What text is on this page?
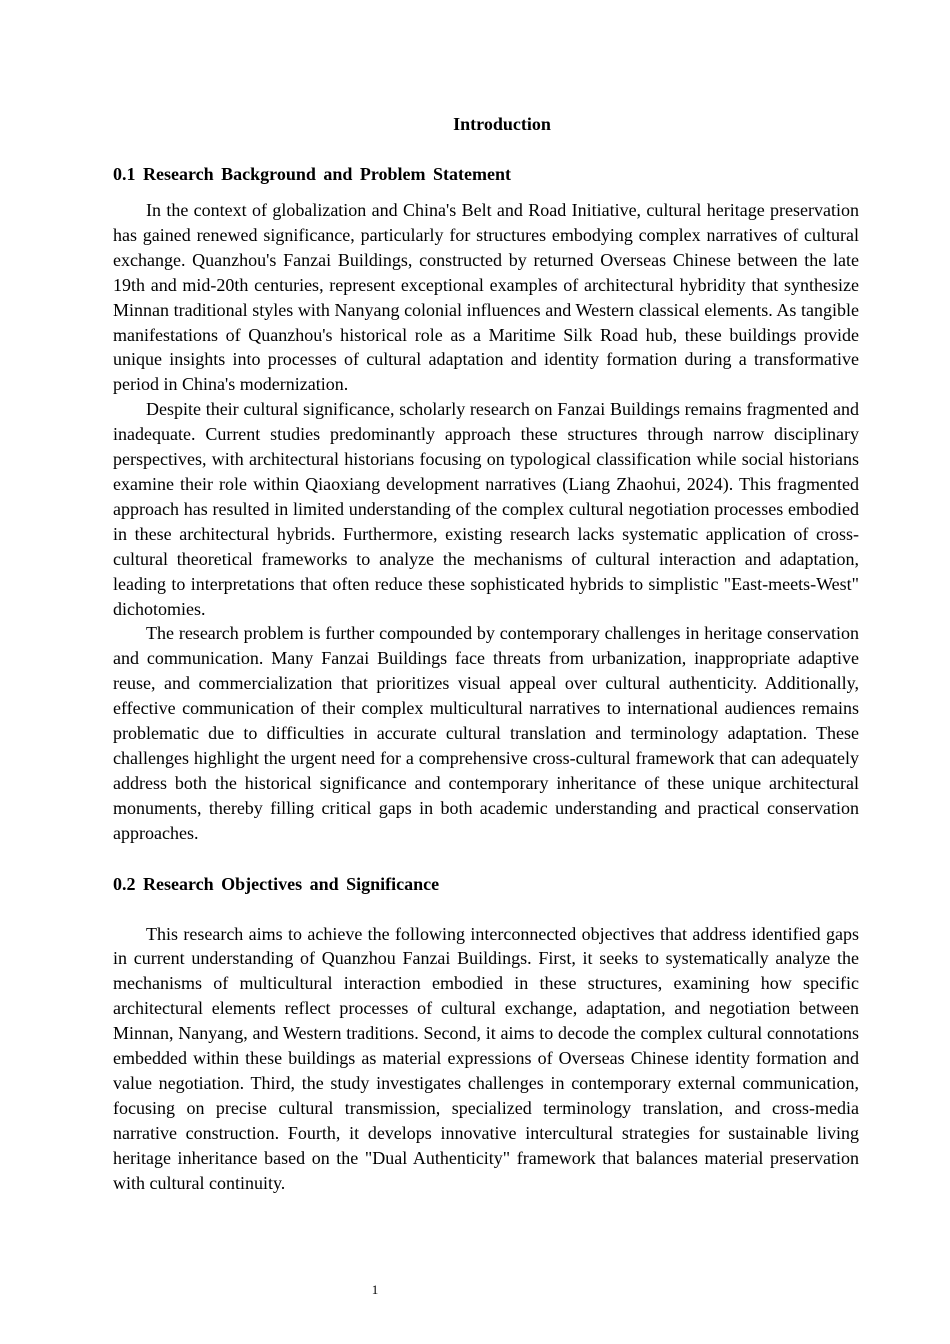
Introduction
0.1 Research Background and Problem Statement

In the context of globalization and China's Belt and Road Initiative, cultural heritage preservation has gained renewed significance, particularly for structures embodying complex narratives of cultural exchange. Quanzhou's Fanzai Buildings, constructed by returned Overseas Chinese between the late 19th and mid-20th centuries, represent exceptional examples of architectural hybridity that synthesize Minnan traditional styles with Nanyang colonial influences and Western classical elements. As tangible manifestations of Quanzhou's historical role as a Maritime Silk Road hub, these buildings provide unique insights into processes of cultural adaptation and identity formation during a transformative period in China's modernization.

Despite their cultural significance, scholarly research on Fanzai Buildings remains fragmented and inadequate. Current studies predominantly approach these structures through narrow disciplinary perspectives, with architectural historians focusing on typological classification while social historians examine their role within Qiaoxiang development narratives (Liang Zhaohui, 2024). This fragmented approach has resulted in limited understanding of the complex cultural negotiation processes embodied in these architectural hybrids. Furthermore, existing research lacks systematic application of cross-cultural theoretical frameworks to analyze the mechanisms of cultural interaction and adaptation, leading to interpretations that often reduce these sophisticated hybrids to simplistic "East-meets-West" dichotomies.

The research problem is further compounded by contemporary challenges in heritage conservation and communication. Many Fanzai Buildings face threats from urbanization, inappropriate adaptive reuse, and commercialization that prioritizes visual appeal over cultural authenticity. Additionally, effective communication of their complex multicultural narratives to international audiences remains problematic due to difficulties in accurate cultural translation and terminology adaptation. These challenges highlight the urgent need for a comprehensive cross-cultural framework that can adequately address both the historical significance and contemporary inheritance of these unique architectural monuments, thereby filling critical gaps in both academic understanding and practical conservation approaches.

0.2 Research Objectives and Significance

This research aims to achieve the following interconnected objectives that address identified gaps in current understanding of Quanzhou Fanzai Buildings. First, it seeks to systematically analyze the mechanisms of multicultural interaction embodied in these structures, examining how specific architectural elements reflect processes of cultural exchange, adaptation, and negotiation between Minnan, Nanyang, and Western traditions. Second, it aims to decode the complex cultural connotations embedded within these buildings as material expressions of Overseas Chinese identity formation and value negotiation. Third, the study investigates challenges in contemporary external communication, focusing on precise cultural transmission, specialized terminology translation, and cross-media narrative construction. Fourth, it develops innovative intercultural strategies for sustainable living heritage inheritance based on the "Dual Authenticity" framework that balances material preservation with cultural continuity.

1
